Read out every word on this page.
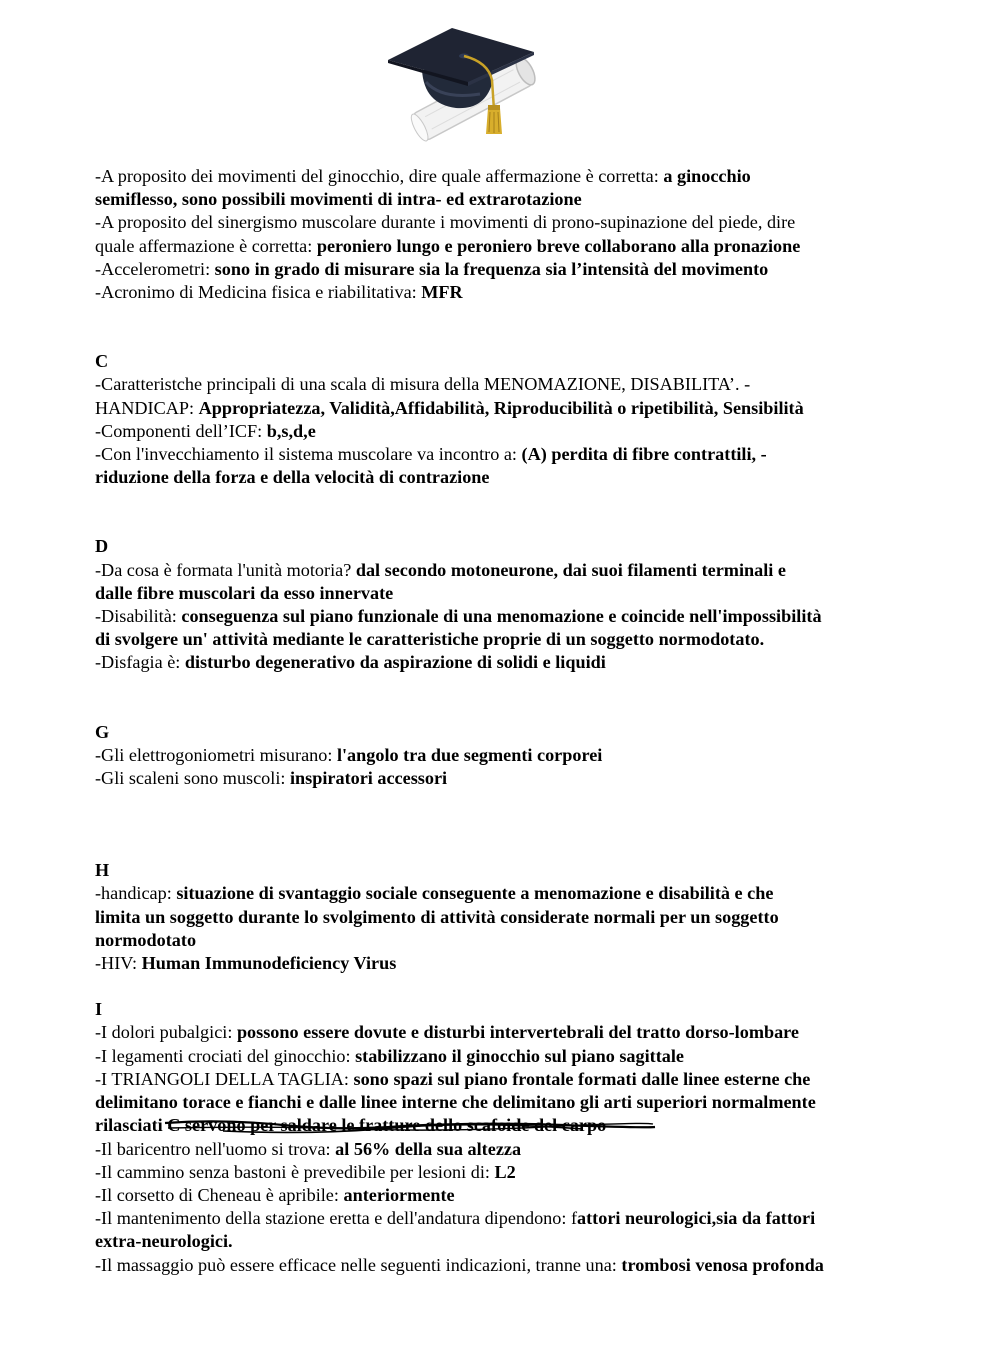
-A proposito dei movimenti del ginocchio, dire quale affermazione è corretta: a ginocchio
semiflesso, sono possibili movimenti di intra- ed extrarotazione
-A proposito del sinergismo muscolare durante i movimenti di prono-supinazione del piede, dire
quale affermazione è corretta: peroniero lungo e peroniero breve collaborano alla pronazione
-Accelerometri: sono in grado di misurare sia la frequenza sia l’intensità del movimento
-Acronimo di Medicina fisica e riabilitativa: MFR
C
-Caratteristche principali di una scala di misura della MENOMAZIONE, DISABILITA’. -
HANDICAP: Appropriatezza, Validità,Affidabilità, Riproducibilità o ripetibilità, Sensibilità
-Componenti dell’ICF: b,s,d,e
-Con l'invecchiamento il sistema muscolare va incontro a: (A) perdita di fibre contrattili, -
riduzione della forza e della velocità di contrazione
D
-Da cosa è formata l'unità motoria? dal secondo motoneurone, dai suoi filamenti terminali e
dalle fibre muscolari da esso innervate
-Disabilità: conseguenza sul piano funzionale di una menomazione e coincide nell'impossibilità
di svolgere un' attività mediante le caratteristiche proprie di un soggetto normodotato.
-Disfagia è: disturbo degenerativo da aspirazione di solidi e liquidi
G
-Gli elettrogoniometri misurano: l'angolo tra due segmenti corporei
-Gli scaleni sono muscoli: inspiratori accessori
H
-handicap: situazione di svantaggio sociale conseguente a menomazione e disabilità e che
limita un soggetto durante lo svolgimento di attività considerate normali per un soggetto
normodotato
-HIV: Human Immunodeficiency Virus
I
-I dolori pubalgici: possono essere dovute e disturbi intervertebrali del tratto dorso-lombare
-I legamenti crociati del ginocchio: stabilizzano il ginocchio sul piano sagittale
-I TRIANGOLI DELLA TAGLIA: sono spazi sul piano frontale formati dalle linee esterne che
delimitano torace e fianchi e dalle linee interne che delimitano gli arti superiori normalmente
rilasciati C servono per saldare le fratture dello scafoide del carpo
-Il baricentro nell'uomo si trova: al 56% della sua altezza
-Il cammino senza bastoni è prevedibile per lesioni di: L2
-Il corsetto di Cheneau è apribile: anteriormente
-Il mantenimento della stazione eretta e dell'andatura dipendono: fattori neurologici,sia da fattori
extra-neurologici.
-Il massaggio può essere efficace nelle seguenti indicazioni, tranne una: trombosi venosa profonda
